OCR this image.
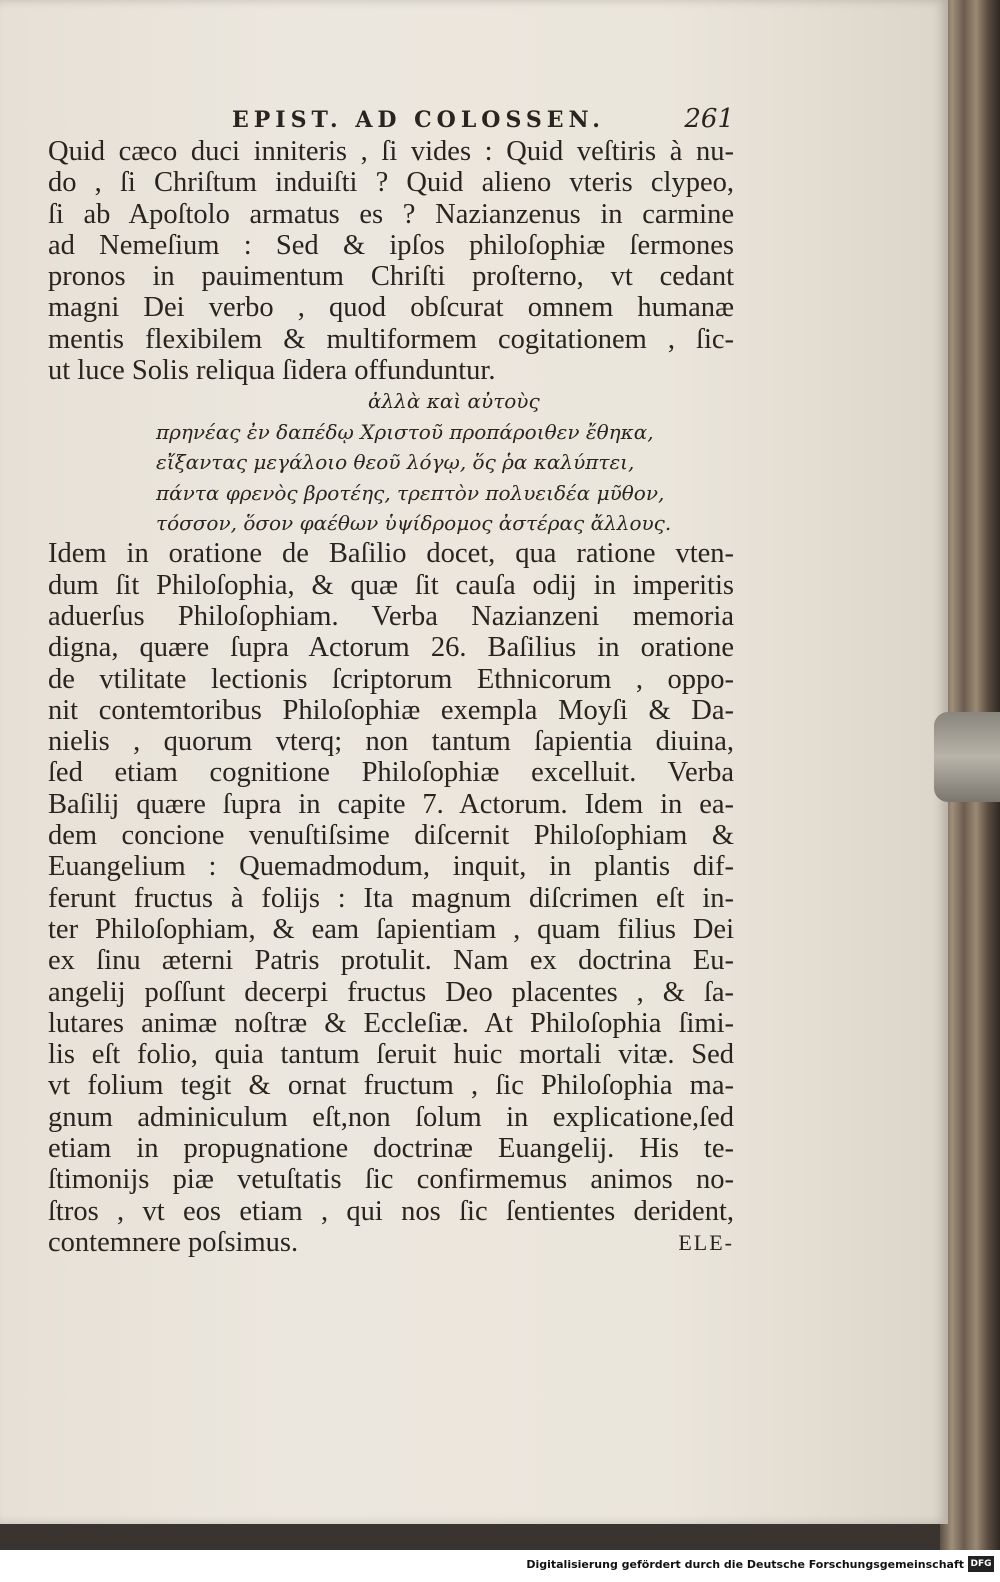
EPIST. AD COLOSSEN.	261
Quid cæco duci inniteris , ſi vides : Quid veſtiris à nu-
do , ſi Chriſtum induiſti ? Quid alieno vteris clypeo,
ſi ab Apoſtolo armatus es ? Nazianzenus in carmine
ad Nemeſium : Sed & ipſos philoſophiæ ſermones
pronos in pauimentum Chriſti proſterno, vt cedant
magni Dei verbo , quod obſcurat omnem humanæ
mentis flexibilem & multiformem cogitationem , ſic-
ut luce Solis reliqua ſidera offunduntur.
ἀλλὰ καὶ αὐτοὺς
πρηνέας ἐν δαπέδῳ Χριστοῦ προπάροιθεν ἔθηκα,
εἴξαντας μεγάλοιο θεοῦ λόγῳ, ὅς ῥα καλύπτει,
πάντα φρενὸς βροτέης, τρεπτὸν πολυειδέα μῦθον,
τόσσον, ὅσον φαέθων ὑψίδρομος ἀστέρας ἄλλους.
Idem in oratione de Baſilio docet, qua ratione vten-
dum ſit Philoſophia, & quæ ſit cauſa odij in imperitis
aduerſus Philoſophiam. Verba Nazianzeni memoria
digna, quære ſupra Actorum 26. Baſilius in oratione
de vtilitate lectionis ſcriptorum Ethnicorum , oppo-
nit contemtoribus Philoſophiæ exempla Moyſi & Da-
nielis , quorum vterq; non tantum ſapientia diuina,
ſed etiam cognitione Philoſophiæ excelluit. Verba
Baſilij quære ſupra in capite 7. Actorum. Idem in ea-
dem concione venuſtiſsime diſcernit Philoſophiam &
Euangelium : Quemadmodum, inquit, in plantis dif-
ferunt fructus à folijs : Ita magnum diſcrimen eſt in-
ter Philoſophiam, & eam ſapientiam , quam filius Dei
ex ſinu æterni Patris protulit. Nam ex doctrina Eu-
angelij poſſunt decerpi fructus Deo placentes , & ſa-
lutares animæ noſtræ & Eccleſiæ. At Philoſophia ſimi-
lis eſt folio, quia tantum ſeruit huic mortali vitæ. Sed
vt folium tegit & ornat fructum , ſic Philoſophia ma-
gnum adminiculum eſt,non ſolum in explicatione,ſed
etiam in propugnatione doctrinæ Euangelij. His te-
ſtimonijs piæ vetuſtatis ſic confirmemus animos no-
ſtros , vt eos etiam , qui nos ſic ſentientes derident,
contemnere poſsimus.	ELE-
Digitalisierung gefördert durch die Deutsche Forschungsgemeinschaft DFG
